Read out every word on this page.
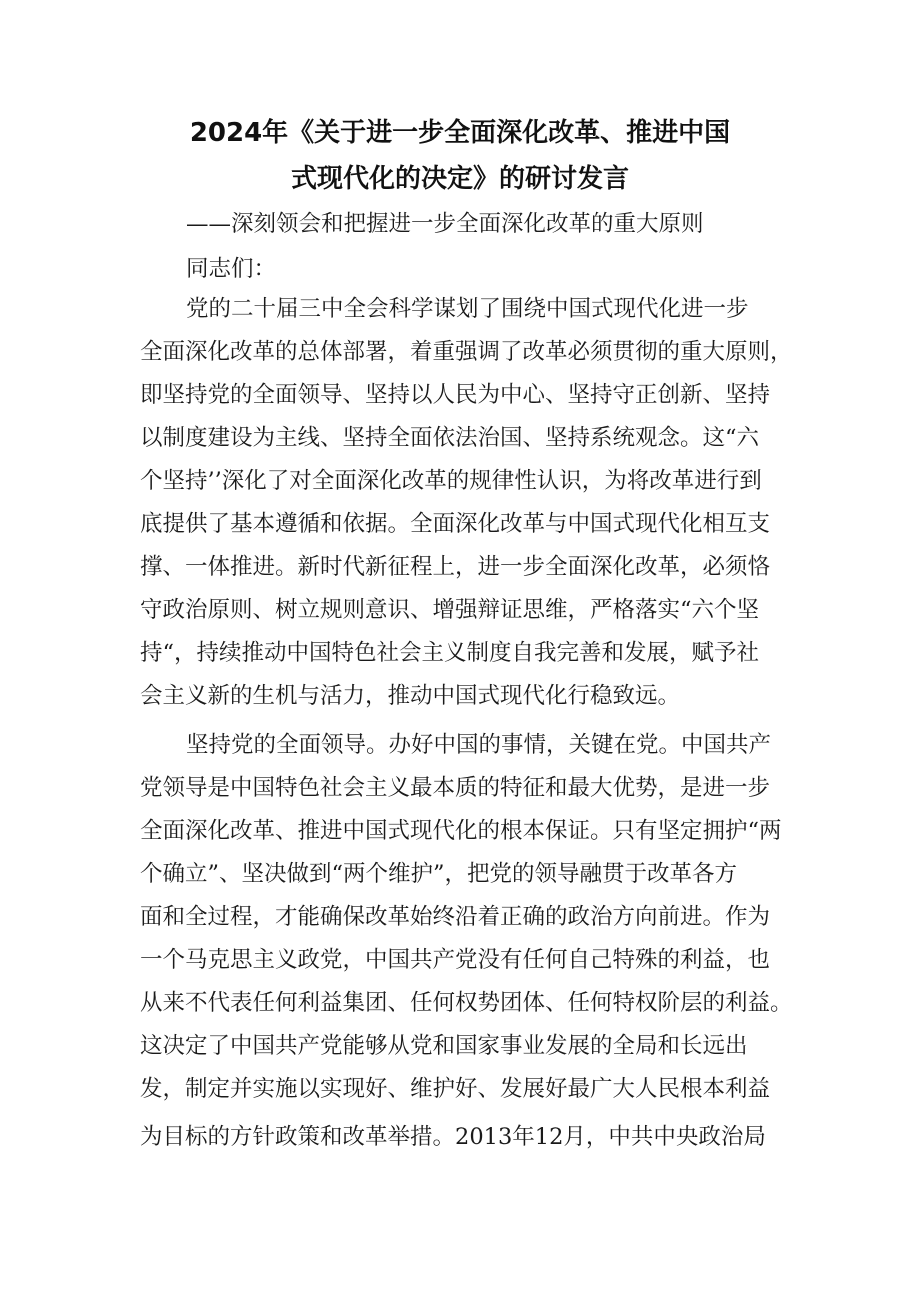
2024年《关于进一步全面深化改革、推进中国
式现代化的决定》的研讨发言
——深刻领会和把握进一步全面深化改革的重大原则
同志们：
党的二十届三中全会科学谋划了围绕中国式现代化进一步
全面深化改革的总体部署，着重强调了改革必须贯彻的重大原则，
即坚持党的全面领导、坚持以人民为中心、坚持守正创新、坚持
以制度建设为主线、坚持全面依法治国、坚持系统观念。这“六
个坚持’’深化了对全面深化改革的规律性认识，为将改革进行到
底提供了基本遵循和依据。全面深化改革与中国式现代化相互支
撑、一体推进。新时代新征程上，进一步全面深化改革，必须恪
守政治原则、树立规则意识、增强辩证思维，严格落实“六个坚
持“，持续推动中国特色社会主义制度自我完善和发展，赋予社
会主义新的生机与活力，推动中国式现代化行稳致远。
坚持党的全面领导。办好中国的事情，关键在党。中国共产
党领导是中国特色社会主义最本质的特征和最大优势，是进一步
全面深化改革、推进中国式现代化的根本保证。只有坚定拥护“两
个确立”、坚决做到“两个维护”，把党的领导融贯于改革各方
面和全过程，才能确保改革始终沿着正确的政治方向前进。作为
一个马克思主义政党，中国共产党没有任何自己特殊的利益，也
从来不代表任何利益集团、任何权势团体、任何特权阶层的利益。
这决定了中国共产党能够从党和国家事业发展的全局和长远出
发，制定并实施以实现好、维护好、发展好最广大人民根本利益
为目标的方针政策和改革举措。2013年12月，中共中央政治局
